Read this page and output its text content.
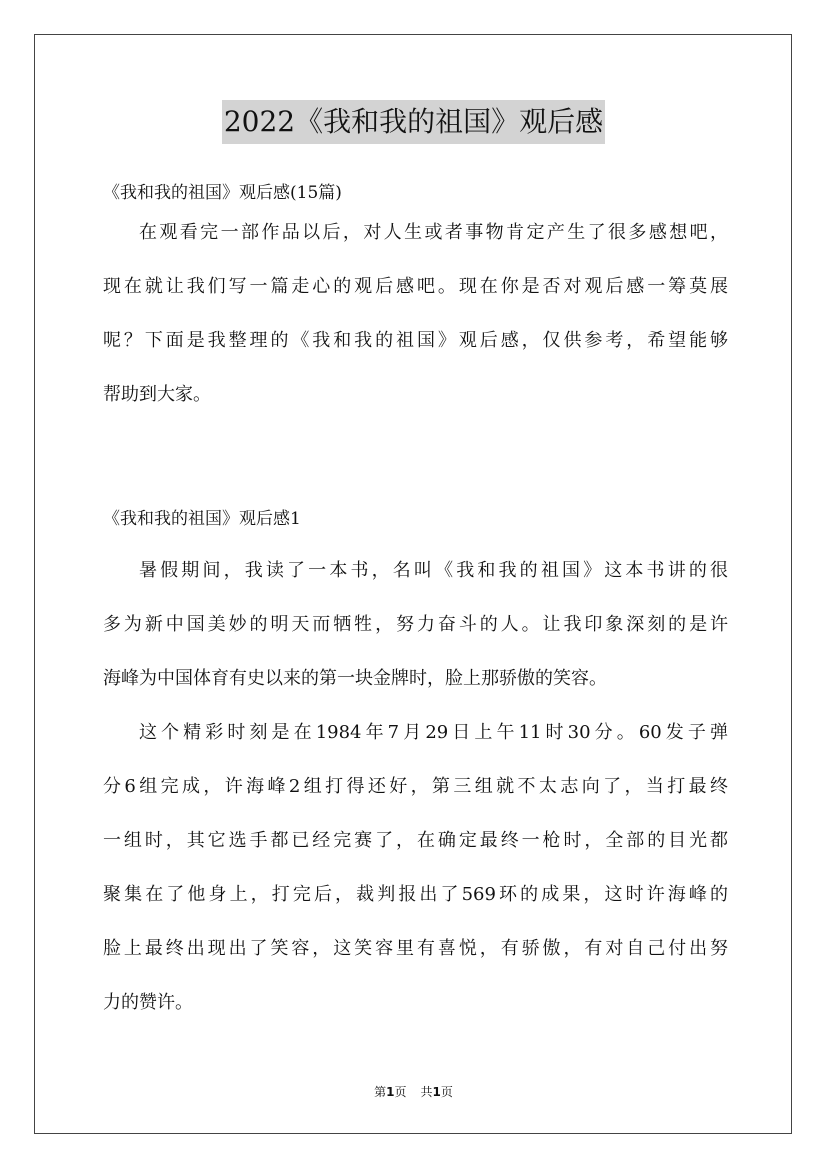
2022《我和我的祖国》观后感
《我和我的祖国》观后感(15篇)
在观看完一部作品以后，对人生或者事物肯定产生了很多感想吧，
现在就让我们写一篇走心的观后感吧。现在你是否对观后感一筹莫展
呢？下面是我整理的《我和我的祖国》观后感，仅供参考，希望能够
帮助到大家。
《我和我的祖国》观后感1
暑假期间，我读了一本书，名叫《我和我的祖国》这本书讲的很
多为新中国美妙的明天而牺牲，努力奋斗的人。让我印象深刻的是许
海峰为中国体育有史以来的第一块金牌时，脸上那骄傲的笑容。
这个精彩时刻是在1984年7月29日上午11时30分。60发子弹
分6组完成，许海峰2组打得还好，第三组就不太志向了，当打最终
一组时，其它选手都已经完赛了，在确定最终一枪时，全部的目光都
聚集在了他身上，打完后，裁判报出了569环的成果，这时许海峰的
脸上最终出现出了笑容，这笑容里有喜悦，有骄傲，有对自己付出努
力的赞许。
第1页 共1页
